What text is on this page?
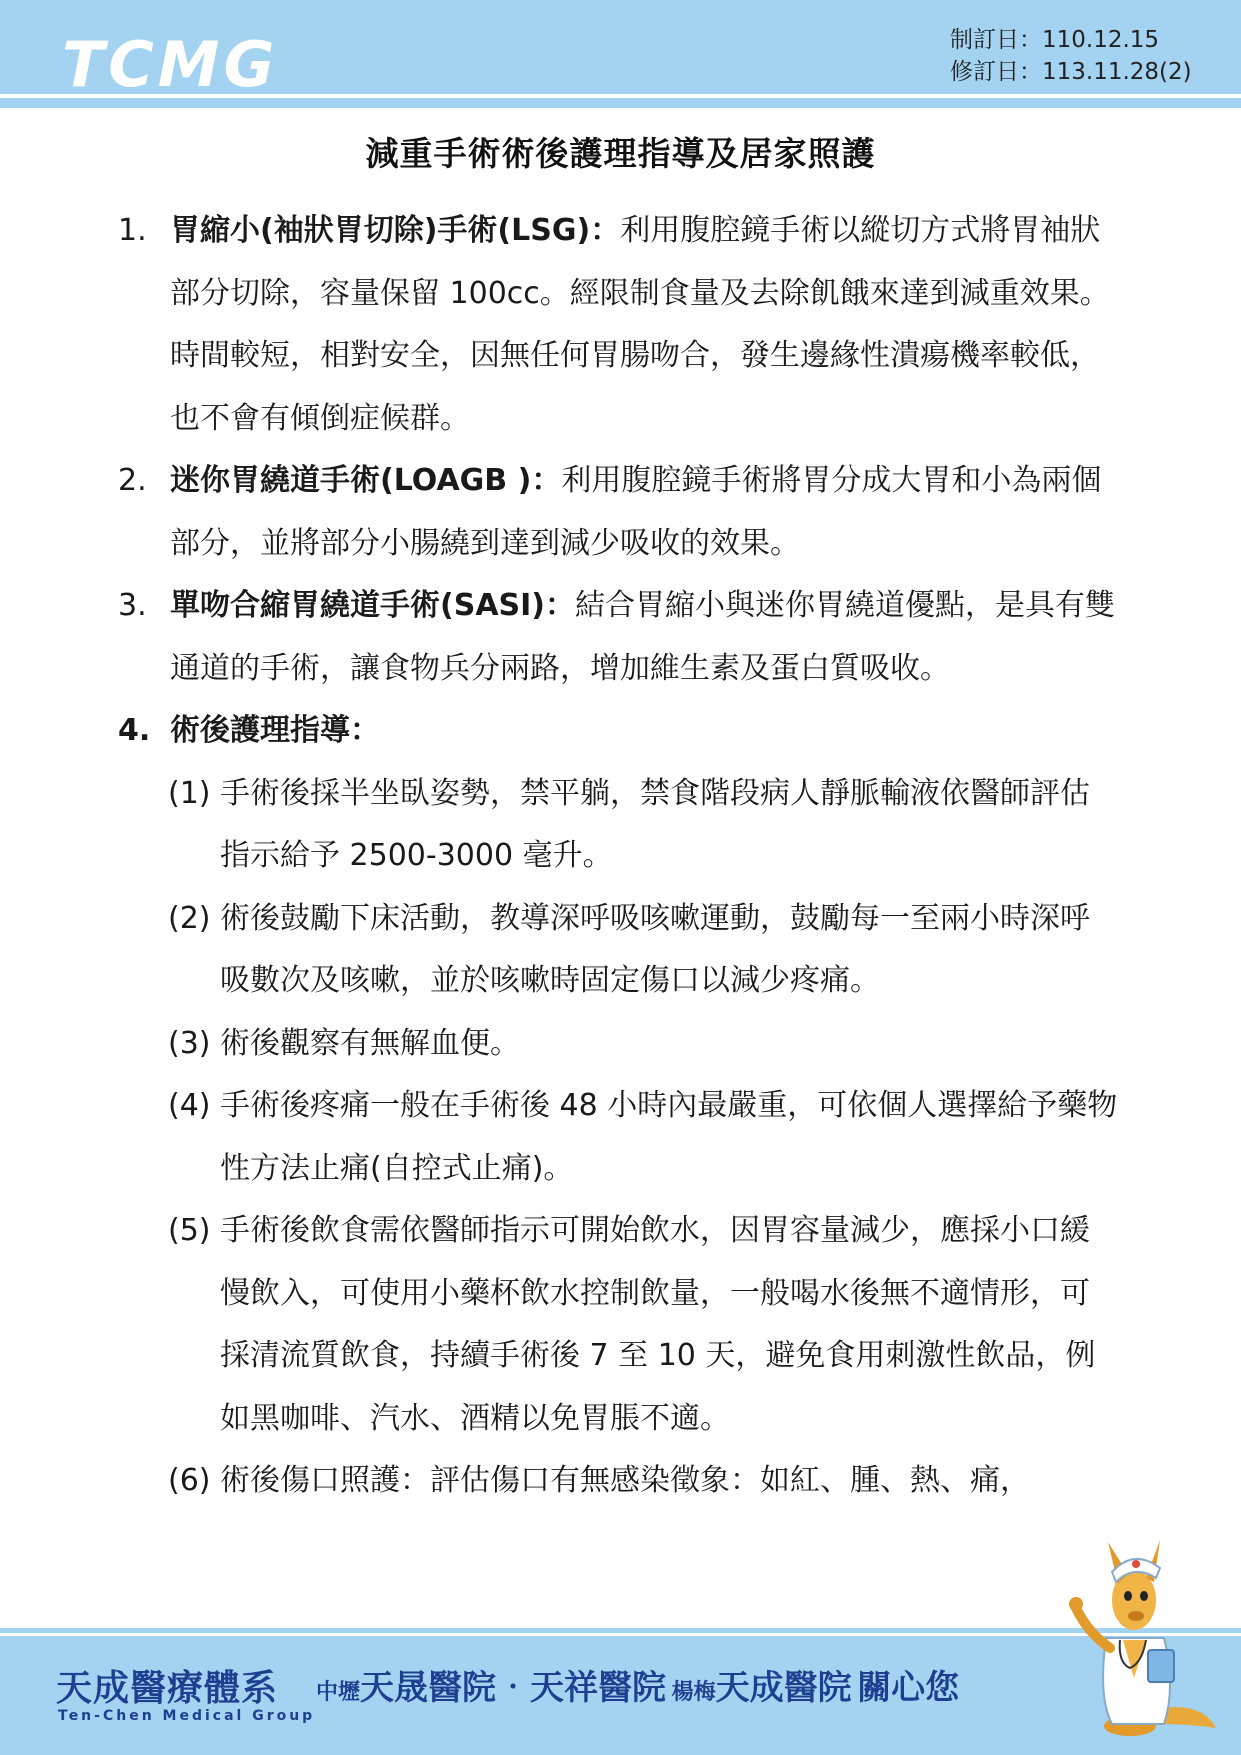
TCMG	制訂日：110.12.15
修訂日：113.11.28(2)
減重手術術後護理指導及居家照護
1. 胃縮小(袖狀胃切除)手術(LSG)：利用腹腔鏡手術以縱切方式將胃袖狀部分切除，容量保留 100cc。經限制食量及去除飢餓來達到減重效果。時間較短，相對安全，因無任何胃腸吻合，發生邊緣性潰瘍機率較低，也不會有傾倒症候群。
2. 迷你胃繞道手術(LOAGB )：利用腹腔鏡手術將胃分成大胃和小為兩個部分，並將部分小腸繞到達到減少吸收的效果。
3. 單吻合縮胃繞道手術(SASI)：結合胃縮小與迷你胃繞道優點，是具有雙通道的手術，讓食物兵分兩路，增加維生素及蛋白質吸收。
4. 術後護理指導：
(1) 手術後採半坐臥姿勢，禁平躺，禁食階段病人靜脈輸液依醫師評估指示給予 2500-3000 毫升。
(2) 術後鼓勵下床活動，教導深呼吸咳嗽運動，鼓勵每一至兩小時深呼吸數次及咳嗽，並於咳嗽時固定傷口以減少疼痛。
(3) 術後觀察有無解血便。
(4) 手術後疼痛一般在手術後 48 小時內最嚴重，可依個人選擇給予藥物性方法止痛(自控式止痛)。
(5) 手術後飲食需依醫師指示可開始飲水，因胃容量減少，應採小口緩慢飲入，可使用小藥杯飲水控制飲量，一般喝水後無不適情形，可採清流質飲食，持續手術後 7 至 10 天，避免食用刺激性飲品，例如黑咖啡、汽水、酒精以免胃脹不適。
(6) 術後傷口照護：評估傷口有無感染徵象：如紅、腫、熱、痛，
天成醫療體系
Ten-Chen Medical Group
中壢天晟醫院‧天祥醫院 楊梅天成醫院 關心您
